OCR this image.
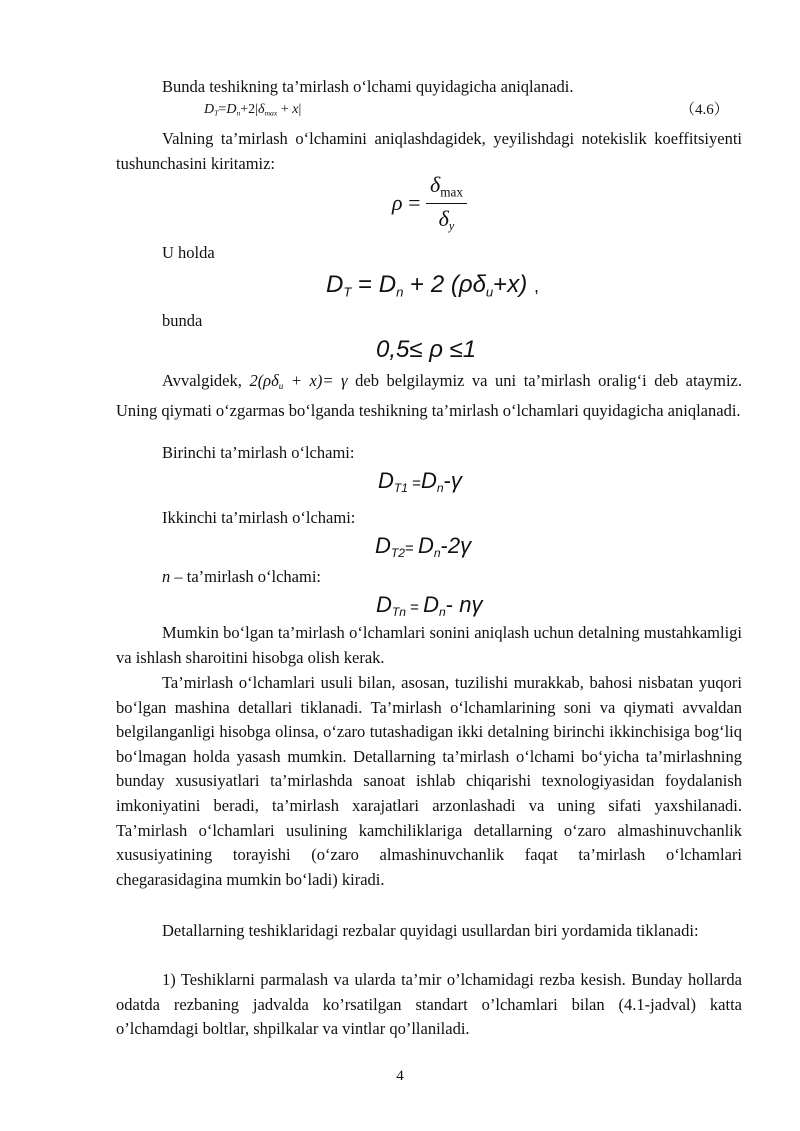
Bunda teshikning ta’mirlash o‘lchami quyidagicha aniqlanadi.
$D_T=D_n+2|\delta_{max} + x|$	（4.6）

Valning ta’mirlash o‘lchamini aniqlashdagidek, yeyilishdagi notekislik koeffitsiyenti tushunchasini kiritamiz:

$\rho = \frac{\delta_{max}}{\delta_y}$
U holda
$D_T = D_n + 2$ $(\rho\delta_u+x)$ ,
bunda
0,5≤ ρ ≤1

Avvalgidek, $2(\rho\delta_u + x)= \gamma$ deb belgilaymiz va uni ta’mirlash oralig‘i deb ataymiz. Uning qiymati o‘zgarmas bo‘lganda teshikning ta’mirlash o‘lchamlari quyidagicha aniqlanadi.

Birinchi ta’mirlash o‘lchami:
$D_{T1} =D_n-\gamma$
Ikkinchi ta’mirlash o‘lchami:
$D_{T2}= D_n-2\gamma$
n – ta’mirlash o‘lchami:
$D_{Tn} = D_n-$ nγ

Mumkin bo‘lgan ta’mirlash o‘lchamlari sonini aniqlash uchun detalning mustahkamligi va ishlash sharoitini hisobga olish kerak.

Ta’mirlash o‘lchamlari usuli bilan, asosan, tuzilishi murakkab, bahosi nisbatan yuqori bo‘lgan mashina detallari tiklanadi. Ta’mirlash o‘lchamlarining soni va qiymati avvaldan belgilanganligi hisobga olinsa, o‘zaro tutashadigan ikki detalning birinchi ikkinchisiga bog‘liq bo‘lmagan holda yasash mumkin. Detallarning ta’mirlash o‘lchami bo‘yicha ta’mirlashning bunday xususiyatlari ta’mirlashda sanoat ishlab chiqarishi texnologiyasidan foydalanish imkoniyatini beradi, ta’mirlash xarajatlari arzonlashadi va uning sifati yaxshilanadi. Ta’mirlash o‘lchamlari usulining kamchiliklariga detallarning o‘zaro almashinuvchanlik xususiyatining torayishi (o‘zaro almashinuvchanlik faqat ta’mirlash o‘lchamlari chegarasidagina mumkin bo‘ladi) kiradi.

Detallarning teshiklaridagi rezbalar quyidagi usullardan biri yordamida tiklanadi:

1) Teshiklarni parmalash va ularda ta’mir o’lchamidagi rezba kesish. Bunday hollarda odatda rezbaning jadvalda ko’rsatilgan standart o’lchamlari bilan (4.1-jadval) katta o’lchamdagi boltlar, shpilkalar va vintlar qo’llaniladi.

4
